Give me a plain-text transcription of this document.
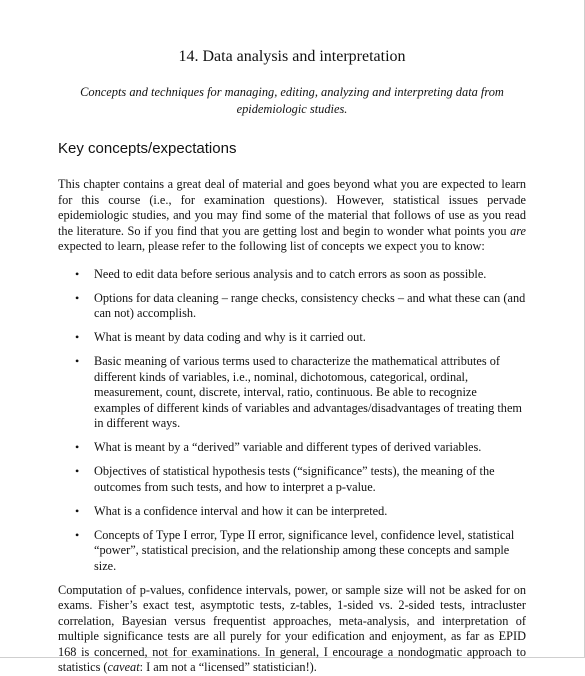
14. Data analysis and interpretation

Concepts and techniques for managing, editing, analyzing and interpreting data from epidemiologic studies.

Key concepts/expectations

This chapter contains a great deal of material and goes beyond what you are expected to learn for this course (i.e., for examination questions). However, statistical issues pervade epidemiologic studies, and you may find some of the material that follows of use as you read the literature. So if you find that you are getting lost and begin to wonder what points you are expected to learn, please refer to the following list of concepts we expect you to know:

• Need to edit data before serious analysis and to catch errors as soon as possible.
• Options for data cleaning – range checks, consistency checks – and what these can (and can not) accomplish.
• What is meant by data coding and why is it carried out.
• Basic meaning of various terms used to characterize the mathematical attributes of different kinds of variables, i.e., nominal, dichotomous, categorical, ordinal, measurement, count, discrete, interval, ratio, continuous. Be able to recognize examples of different kinds of variables and advantages/disadvantages of treating them in different ways.
• What is meant by a “derived” variable and different types of derived variables.
• Objectives of statistical hypothesis tests (“significance” tests), the meaning of the outcomes from such tests, and how to interpret a p-value.
• What is a confidence interval and how it can be interpreted.
• Concepts of Type I error, Type II error, significance level, confidence level, statistical “power”, statistical precision, and the relationship among these concepts and sample size.

Computation of p-values, confidence intervals, power, or sample size will not be asked for on exams. Fisher’s exact test, asymptotic tests, z-tables, 1-sided vs. 2-sided tests, intracluster correlation, Bayesian versus frequentist approaches, meta-analysis, and interpretation of multiple significance tests are all purely for your edification and enjoyment, as far as EPID 168 is concerned, not for examinations. In general, I encourage a nondogmatic approach to statistics (caveat: I am not a “licensed” statistician!).
